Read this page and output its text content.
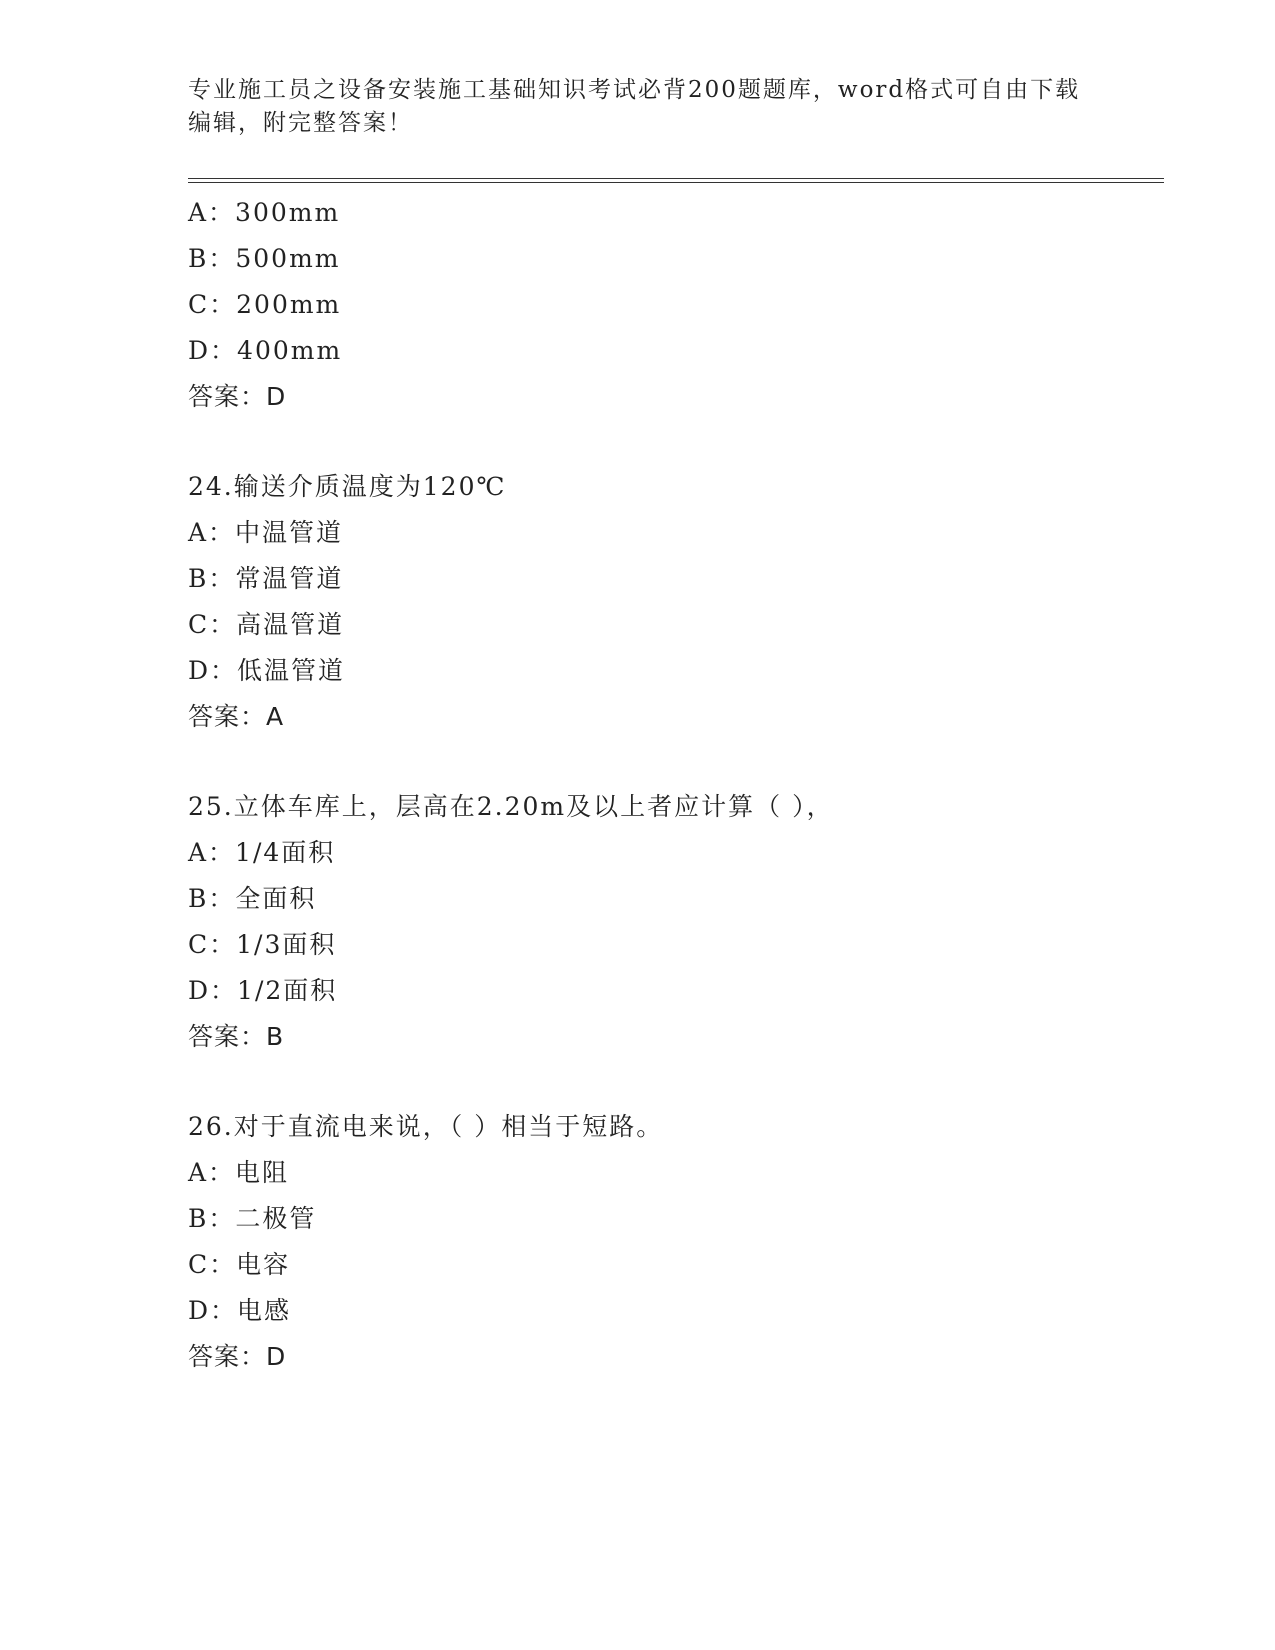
专业施工员之设备安装施工基础知识考试必背200题题库，word格式可自由下载
编辑，附完整答案！
A：300mm
B：500mm
C：200mm
D：400mm
答案：D
24.输送介质温度为120℃
A：中温管道
B：常温管道
C：高温管道
D：低温管道
答案：A
25.立体车库上，层高在2.20m及以上者应计算（ ），
A：1/4面积
B：全面积
C：1/3面积
D：1/2面积
答案：B
26.对于直流电来说，（ ）相当于短路。
A：电阻
B：二极管
C：电容
D：电感
答案：D
